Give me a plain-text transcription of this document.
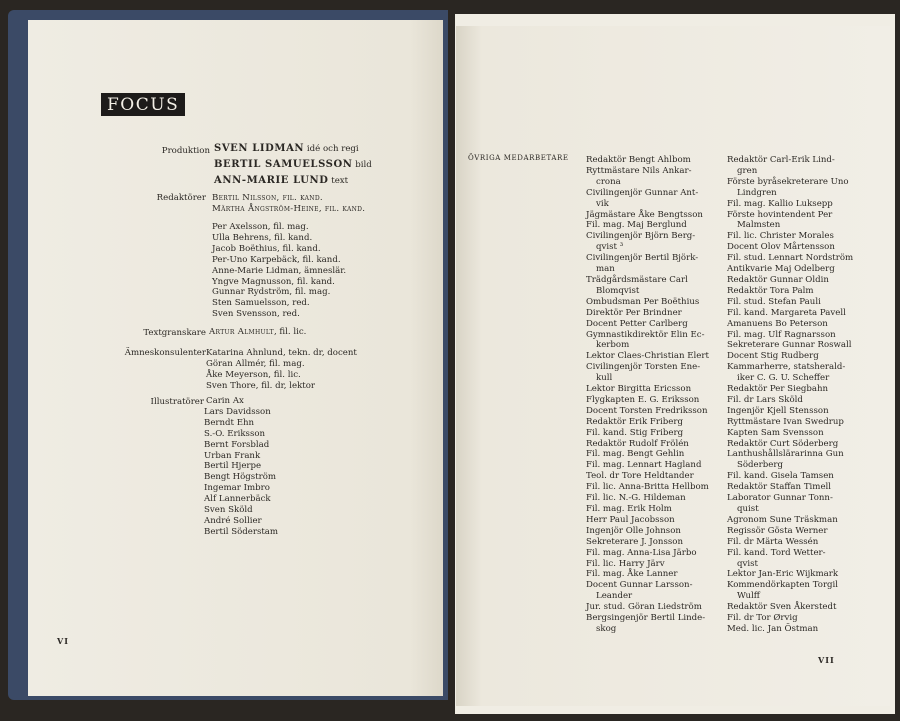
FOCUS
Produktion SVEN LIDMAN idé och regi
BERTIL SAMUELSSON bild
ANN-MARIE LUND text
Redaktörer Bertil Nilsson, fil. kand.
Märtha Ångström-Heine, fil. kand.
Per Axelsson, fil. mag.
Ulla Behrens, fil. kand.
Jacob Boëthius, fil. kand.
Per-Uno Karpebäck, fil. kand.
Anne-Marie Lidman, ämneslär.
Yngve Magnusson, fil. kand.
Gunnar Rydström, fil. mag.
Sten Samuelsson, red.
Sven Svensson, red.
Textgranskare Artur Almhult, fil. lic.
Ämneskonsulenter Katarina Ahnlund, tekn. dr, docent
Göran Allmér, fil. mag.
Åke Meyerson, fil. lic.
Sven Thore, fil. dr, lektor
Illustratörer Carin Ax
Lars Davidsson
Berndt Ehn
S.-O. Eriksson
Bernt Forsblad
Urban Frank
Bertil Hjerpe
Bengt Högström
Ingemar Imbro
Alf Lannerbäck
Sven Sköld
André Sollier
Bertil Söderstam
VI
ÖVRIGA MEDARBETARE Redaktör Bengt Ahlbom
Ryttmästare Nils Ankar-
crona
Civilingenjör Gunnar Ant-
vik
Jägmästare Åke Bengtsson
Fil. mag. Maj Berglund
Civilingenjör Björn Berg-
qvist ³
Civilingenjör Bertil Björk-
man
Trädgårdsmästare Carl
Blomqvist
Ombudsman Per Boëthius
Direktör Per Brindner
Docent Petter Carlberg
Gymnastikdirektör Elin Ec-
kerbom
Lektor Claes-Christian Elert
Civilingenjör Torsten Ene-
kull
Lektor Birgitta Ericsson
Flygkapten E. G. Eriksson
Docent Torsten Fredriksson
Redaktör Erik Friberg
Fil. kand. Stig Friberg
Redaktör Rudolf Frölén
Fil. mag. Bengt Gehlin
Fil. mag. Lennart Hagland
Teol. dr Tore Heldtander
Fil. lic. Anna-Britta Hellbom
Fil. lic. N.-G. Hildeman
Fil. mag. Erik Holm
Herr Paul Jacobsson
Ingenjör Olle Johnson
Sekreterare J. Jonsson
Fil. mag. Anna-Lisa Järbo
Fil. lic. Harry Järv
Fil. mag. Åke Lanner
Docent Gunnar Larsson-
Leander
Jur. stud. Göran Liedström
Bergsingenjör Bertil Linde-
skog
Redaktör Carl-Erik Lind-
gren
Förste byråsekreterare Uno
Lindgren
Fil. mag. Kallio Luksepp
Förste hovintendent Per
Malmsten
Fil. lic. Christer Morales
Docent Olov Mårtensson
Fil. stud. Lennart Nordström
Antikvarie Maj Odelberg
Redaktör Gunnar Oldin
Redaktör Tora Palm
Fil. stud. Stefan Pauli
Fil. kand. Margareta Pavell
Amanuens Bo Peterson
Fil. mag. Ulf Ragnarsson
Sekreterare Gunnar Roswall
Docent Stig Rudberg
Kammarherre, statsherald-
iker C. G. U. Scheffer
Redaktör Per Siegbahn
Fil. dr Lars Sköld
Ingenjör Kjell Stensson
Ryttmästare Ivan Swedrup
Kapten Sam Svensson
Redaktör Curt Söderberg
Lanthushållslärarinna Gun
Söderberg
Fil. kand. Gisela Tamsen
Redaktör Staffan Timell
Laborator Gunnar Tonn-
quist
Agronom Sune Träskman
Regissör Gösta Werner
Fil. dr Märta Wessén
Fil. kand. Tord Wetter-
qvist
Lektor Jan-Eric Wijkmark
Kommendörkapten Torgil
Wulff
Redaktör Sven Åkerstedt
Fil. dr Tor Ørvig
Med. lic. Jan Östman
VII
